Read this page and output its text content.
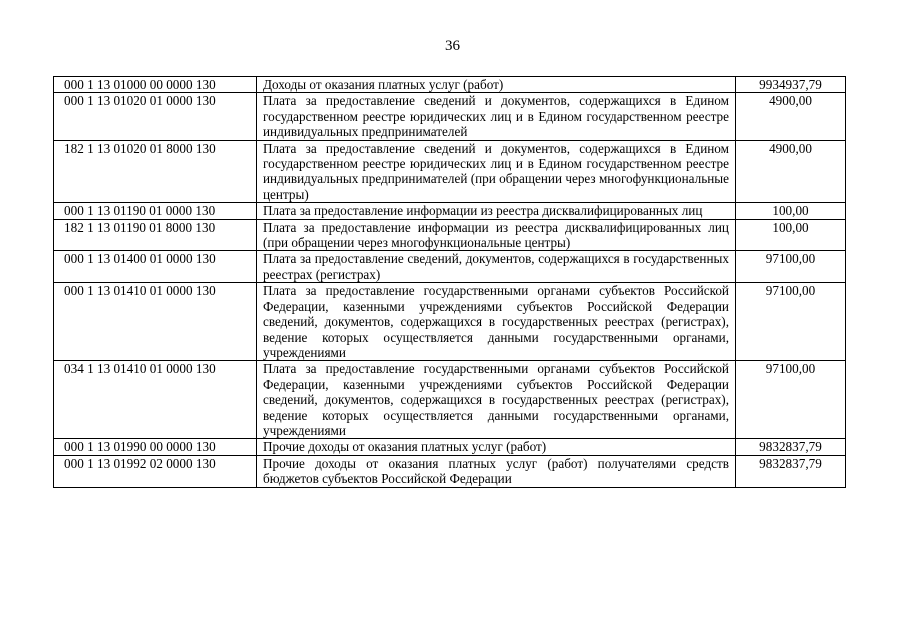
36
000 1 13 01000 00 0000 130	Доходы от оказания платных услуг (работ)	9934937,79
000 1 13 01020 01 0000 130	Плата за предоставление сведений и документов, содержащихся в Едином государственном реестре юридических лиц и в Едином государственном реестре индивидуальных предпринимателей	4900,00
182 1 13 01020 01 8000 130	Плата за предоставление сведений и документов, содержащихся в Едином государственном реестре юридических лиц и в Едином государственном реестре индивидуальных предпринимателей (при обращении через многофункциональные центры)	4900,00
000 1 13 01190 01 0000 130	Плата за предоставление информации из реестра дисквалифицированных лиц	100,00
182 1 13 01190 01 8000 130	Плата за предоставление информации из реестра дисквалифицированных лиц (при обращении через многофункциональные центры)	100,00
000 1 13 01400 01 0000 130	Плата за предоставление сведений, документов, содержащихся в государственных реестрах (регистрах)	97100,00
000 1 13 01410 01 0000 130	Плата за предоставление государственными органами субъектов Российской Федерации, казенными учреждениями субъектов Российской Федерации сведений, документов, содержащихся в государственных реестрах (регистрах), ведение которых осуществляется данными государственными органами, учреждениями	97100,00
034 1 13 01410 01 0000 130	Плата за предоставление государственными органами субъектов Российской Федерации, казенными учреждениями субъектов Российской Федерации сведений, документов, содержащихся в государственных реестрах (регистрах), ведение которых осуществляется данными государственными органами, учреждениями	97100,00
000 1 13 01990 00 0000 130	Прочие доходы от оказания платных услуг (работ)	9832837,79
000 1 13 01992 02 0000 130	Прочие доходы от оказания платных услуг (работ) получателями средств бюджетов субъектов Российской Федерации	9832837,79
